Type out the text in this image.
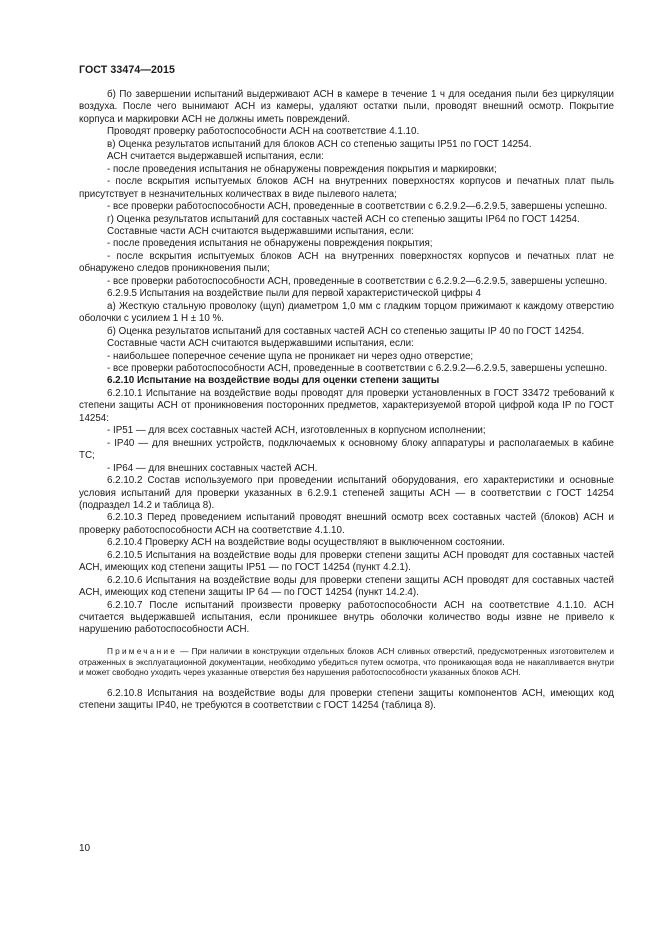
ГОСТ 33474—2015

б) По завершении испытаний выдерживают АСН в камере в течение 1 ч для оседания пыли без циркуляции воздуха. После чего вынимают АСН из камеры, удаляют остатки пыли, проводят внешний осмотр. Покрытие корпуса и маркировки АСН не должны иметь повреждений.

Проводят проверку работоспособности АСН на соответствие 4.1.10.

в) Оценка результатов испытаний для блоков АСН со степенью защиты IP51 по ГОСТ 14254.

АСН считается выдержавшей испытания, если:

- после проведения испытания не обнаружены повреждения покрытия и маркировки;

- после вскрытия испытуемых блоков АСН на внутренних поверхностях корпусов и печатных плат пыль присутствует в незначительных количествах в виде пылевого налета;

- все проверки работоспособности АСН, проведенные в соответствии с 6.2.9.2—6.2.9.5, завершены успешно.

г) Оценка результатов испытаний для составных частей АСН со степенью защиты IP64 по ГОСТ 14254.

Составные части АСН считаются выдержавшими испытания, если:

- после проведения испытания не обнаружены повреждения покрытия;

- после вскрытия испытуемых блоков АСН на внутренних поверхностях корпусов и печатных плат не обнаружено следов проникновения пыли;

- все проверки работоспособности АСН, проведенные в соответствии с 6.2.9.2—6.2.9.5, завершены успешно.

6.2.9.5 Испытания на воздействие пыли для первой характеристической цифры 4

а) Жесткую стальную проволоку (щуп) диаметром 1,0 мм с гладким торцом прижимают к каждому отверстию оболочки с усилием 1 Н ± 10 %.

б) Оценка результатов испытаний для составных частей АСН со степенью защиты IP 40 по ГОСТ 14254.

Составные части АСН считаются выдержавшими испытания, если:

- наибольшее поперечное сечение щупа не проникает ни через одно отверстие;

- все проверки работоспособности АСН, проведенные в соответствии с 6.2.9.2—6.2.9.5, завершены успешно.

6.2.10 Испытание на воздействие воды для оценки степени защиты

6.2.10.1 Испытание на воздействие воды проводят для проверки установленных в ГОСТ 33472 требований к степени защиты АСН от проникновения посторонних предметов, характеризуемой второй цифрой кода IP по ГОСТ 14254:

- IP51 — для всех составных частей АСН, изготовленных в корпусном исполнении;

- IP40 — для внешних устройств, подключаемых к основному блоку аппаратуры и располагаемых в кабине ТС;

- IP64 — для внешних составных частей АСН.

6.2.10.2 Состав используемого при проведении испытаний оборудования, его характеристики и основные условия испытаний для проверки указанных в 6.2.9.1 степеней защиты АСН — в соответствии с ГОСТ 14254 (подраздел 14.2 и таблица 8).

6.2.10.3 Перед проведением испытаний проводят внешний осмотр всех составных частей (блоков) АСН и проверку работоспособности АСН на соответствие 4.1.10.

6.2.10.4 Проверку АСН на воздействие воды осуществляют в выключенном состоянии.

6.2.10.5 Испытания на воздействие воды для проверки степени защиты АСН проводят для составных частей АСН, имеющих код степени защиты IP51 — по ГОСТ 14254 (пункт 4.2.1).

6.2.10.6 Испытания на воздействие воды для проверки степени защиты АСН проводят для составных частей АСН, имеющих код степени защиты IP 64 — по ГОСТ 14254 (пункт 14.2.4).

6.2.10.7 После испытаний произвести проверку работоспособности АСН на соответствие 4.1.10. АСН считается выдержавшей испытания, если проникшее внутрь оболочки количество воды извне не привело к нарушению работоспособности АСН.

Примечание — При наличии в конструкции отдельных блоков АСН сливных отверстий, предусмотренных изготовителем и отраженных в эксплуатационной документации, необходимо убедиться путем осмотра, что проникающая вода не накапливается внутри и может свободно уходить через указанные отверстия без нарушения работоспособности указанных блоков АСН.

6.2.10.8 Испытания на воздействие воды для проверки степени защиты компонентов АСН, имеющих код степени защиты IP40, не требуются в соответствии с ГОСТ 14254 (таблица 8).

10
